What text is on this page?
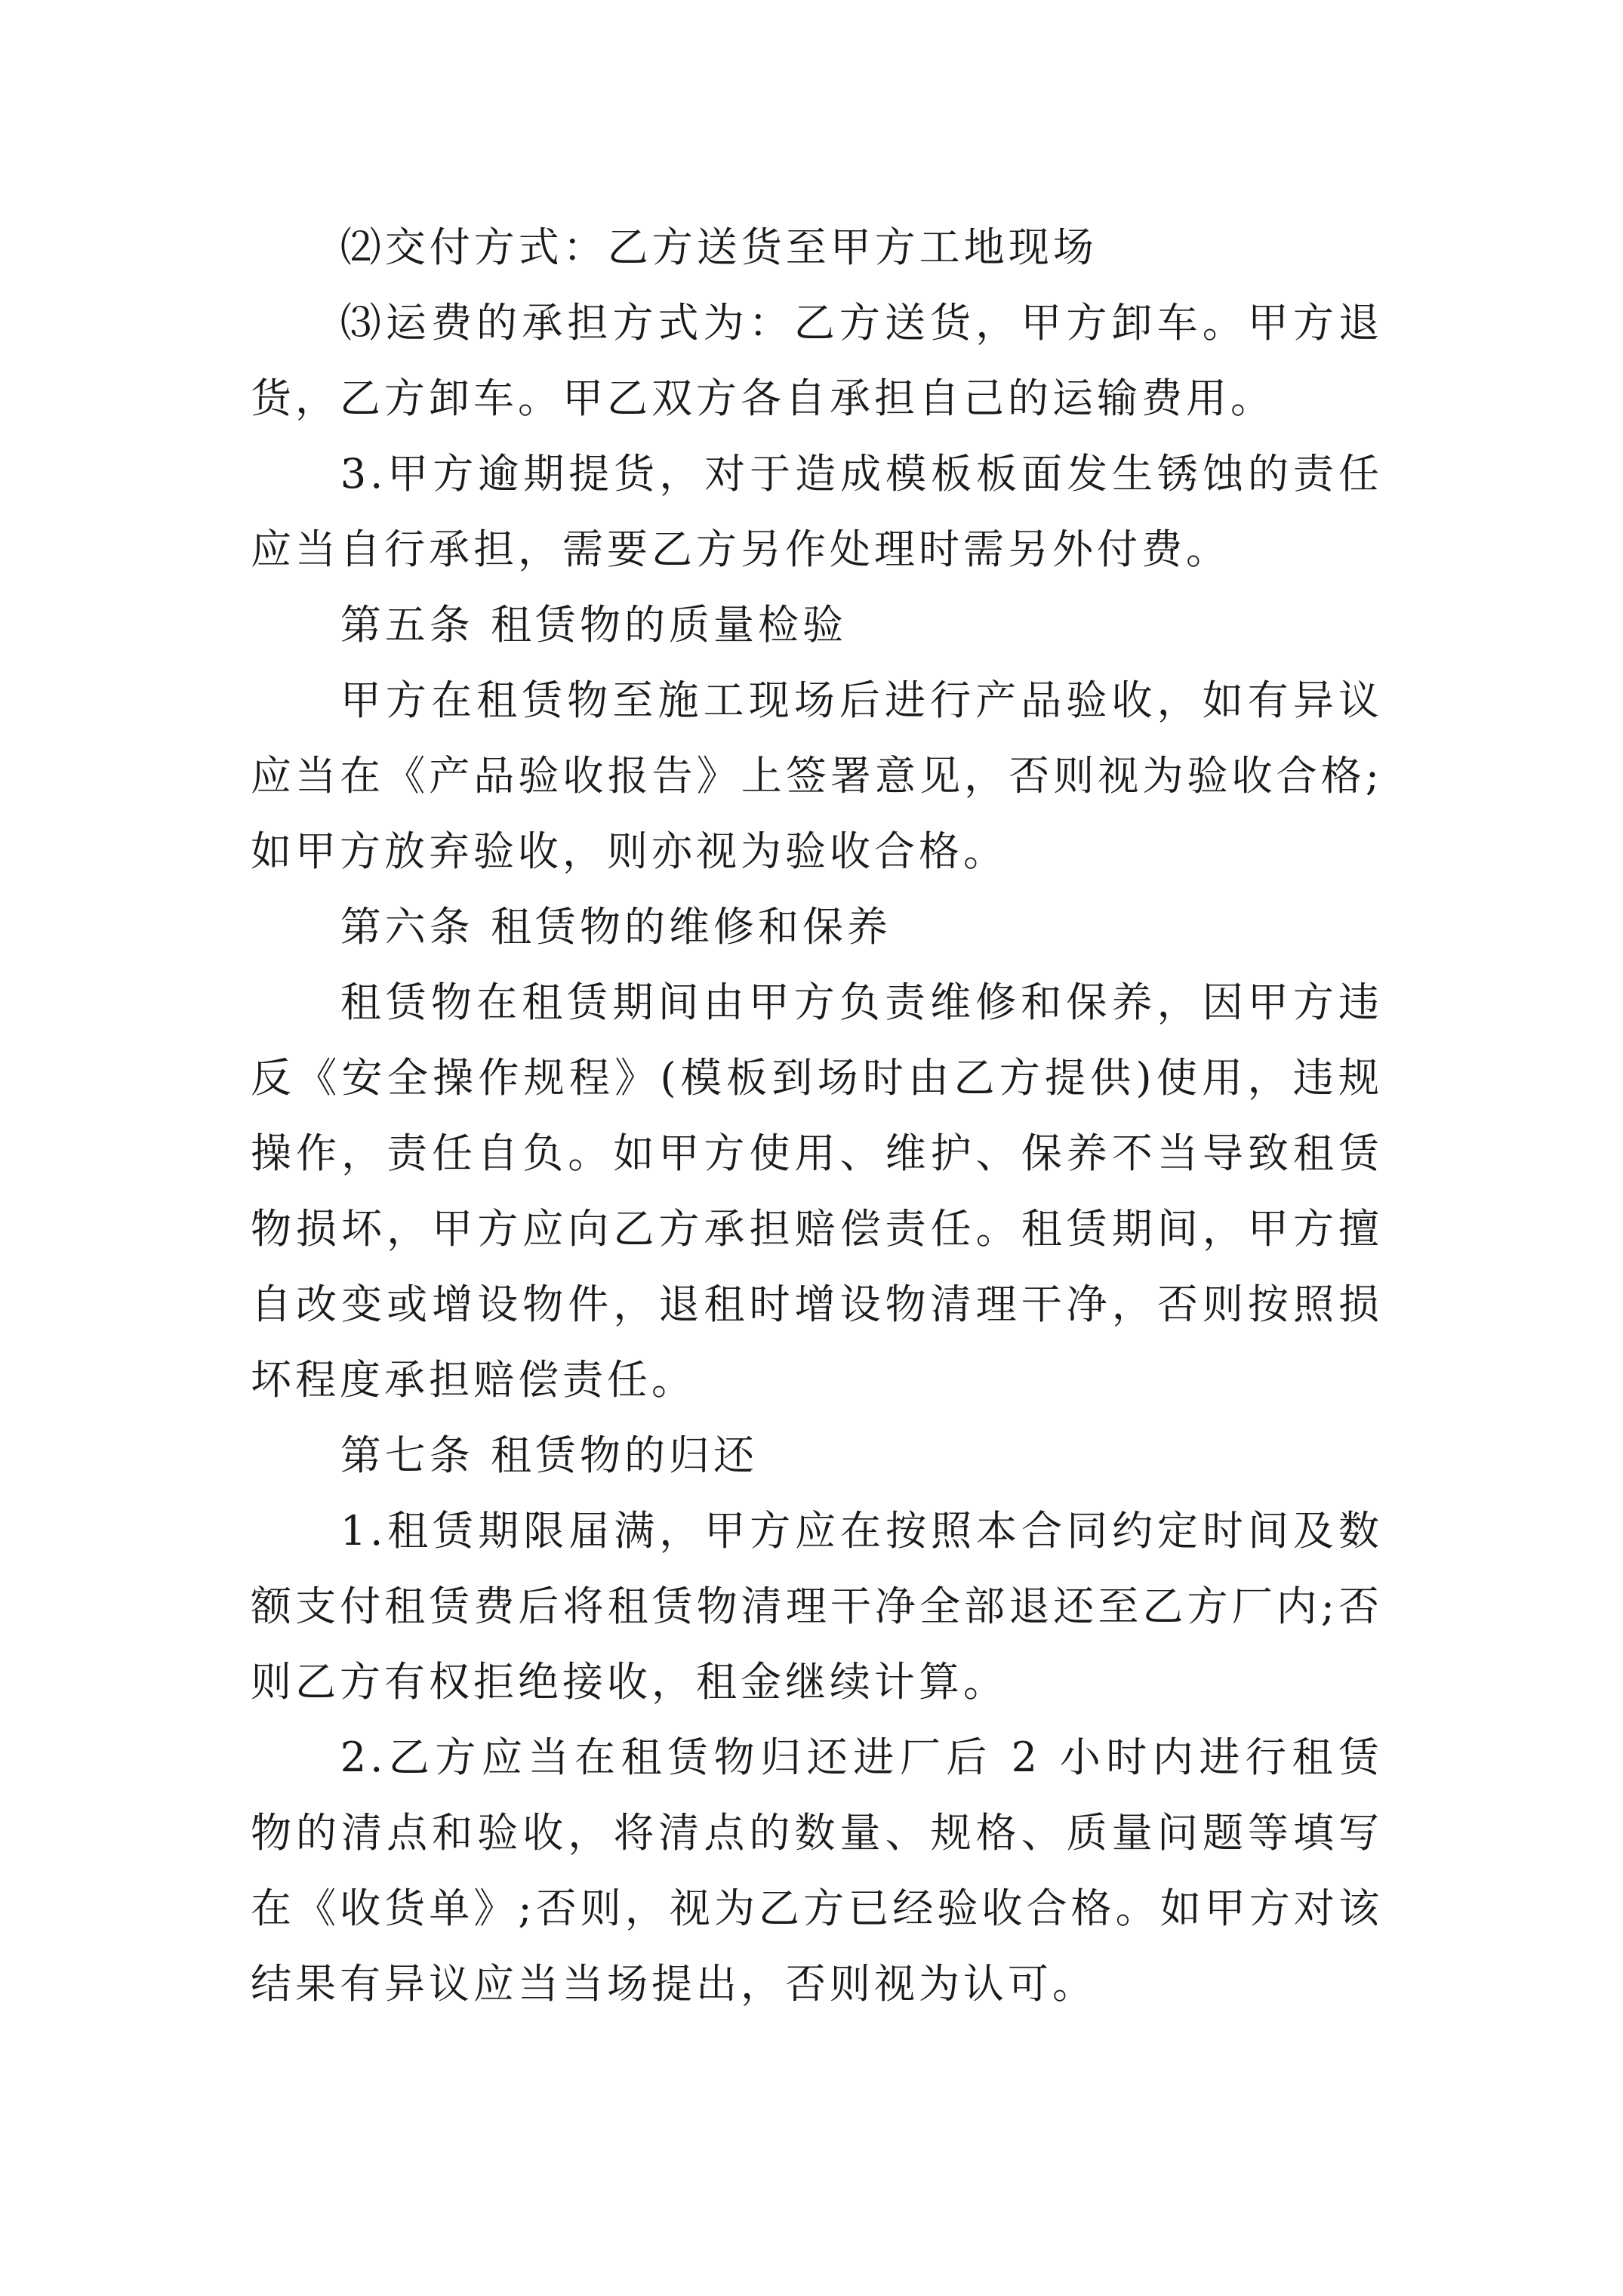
⑵交付方式：乙方送货至甲方工地现场

⑶运费的承担方式为：乙方送货，甲方卸车。甲方退货，乙方卸车。甲乙双方各自承担自己的运输费用。

3.甲方逾期提货，对于造成模板板面发生锈蚀的责任应当自行承担，需要乙方另作处理时需另外付费。

第五条 租赁物的质量检验

甲方在租赁物至施工现场后进行产品验收，如有异议应当在《产品验收报告》上签署意见，否则视为验收合格;如甲方放弃验收，则亦视为验收合格。

第六条 租赁物的维修和保养

租赁物在租赁期间由甲方负责维修和保养，因甲方违反《安全操作规程》(模板到场时由乙方提供)使用，违规操作，责任自负。如甲方使用、维护、保养不当导致租赁物损坏，甲方应向乙方承担赔偿责任。租赁期间，甲方擅自改变或增设物件，退租时增设物清理干净，否则按照损坏程度承担赔偿责任。

第七条 租赁物的归还

1.租赁期限届满，甲方应在按照本合同约定时间及数额支付租赁费后将租赁物清理干净全部退还至乙方厂内;否则乙方有权拒绝接收，租金继续计算。

2.乙方应当在租赁物归还进厂后 2 小时内进行租赁物的清点和验收，将清点的数量、规格、质量问题等填写在《收货单》;否则，视为乙方已经验收合格。如甲方对该结果有异议应当当场提出，否则视为认可。
